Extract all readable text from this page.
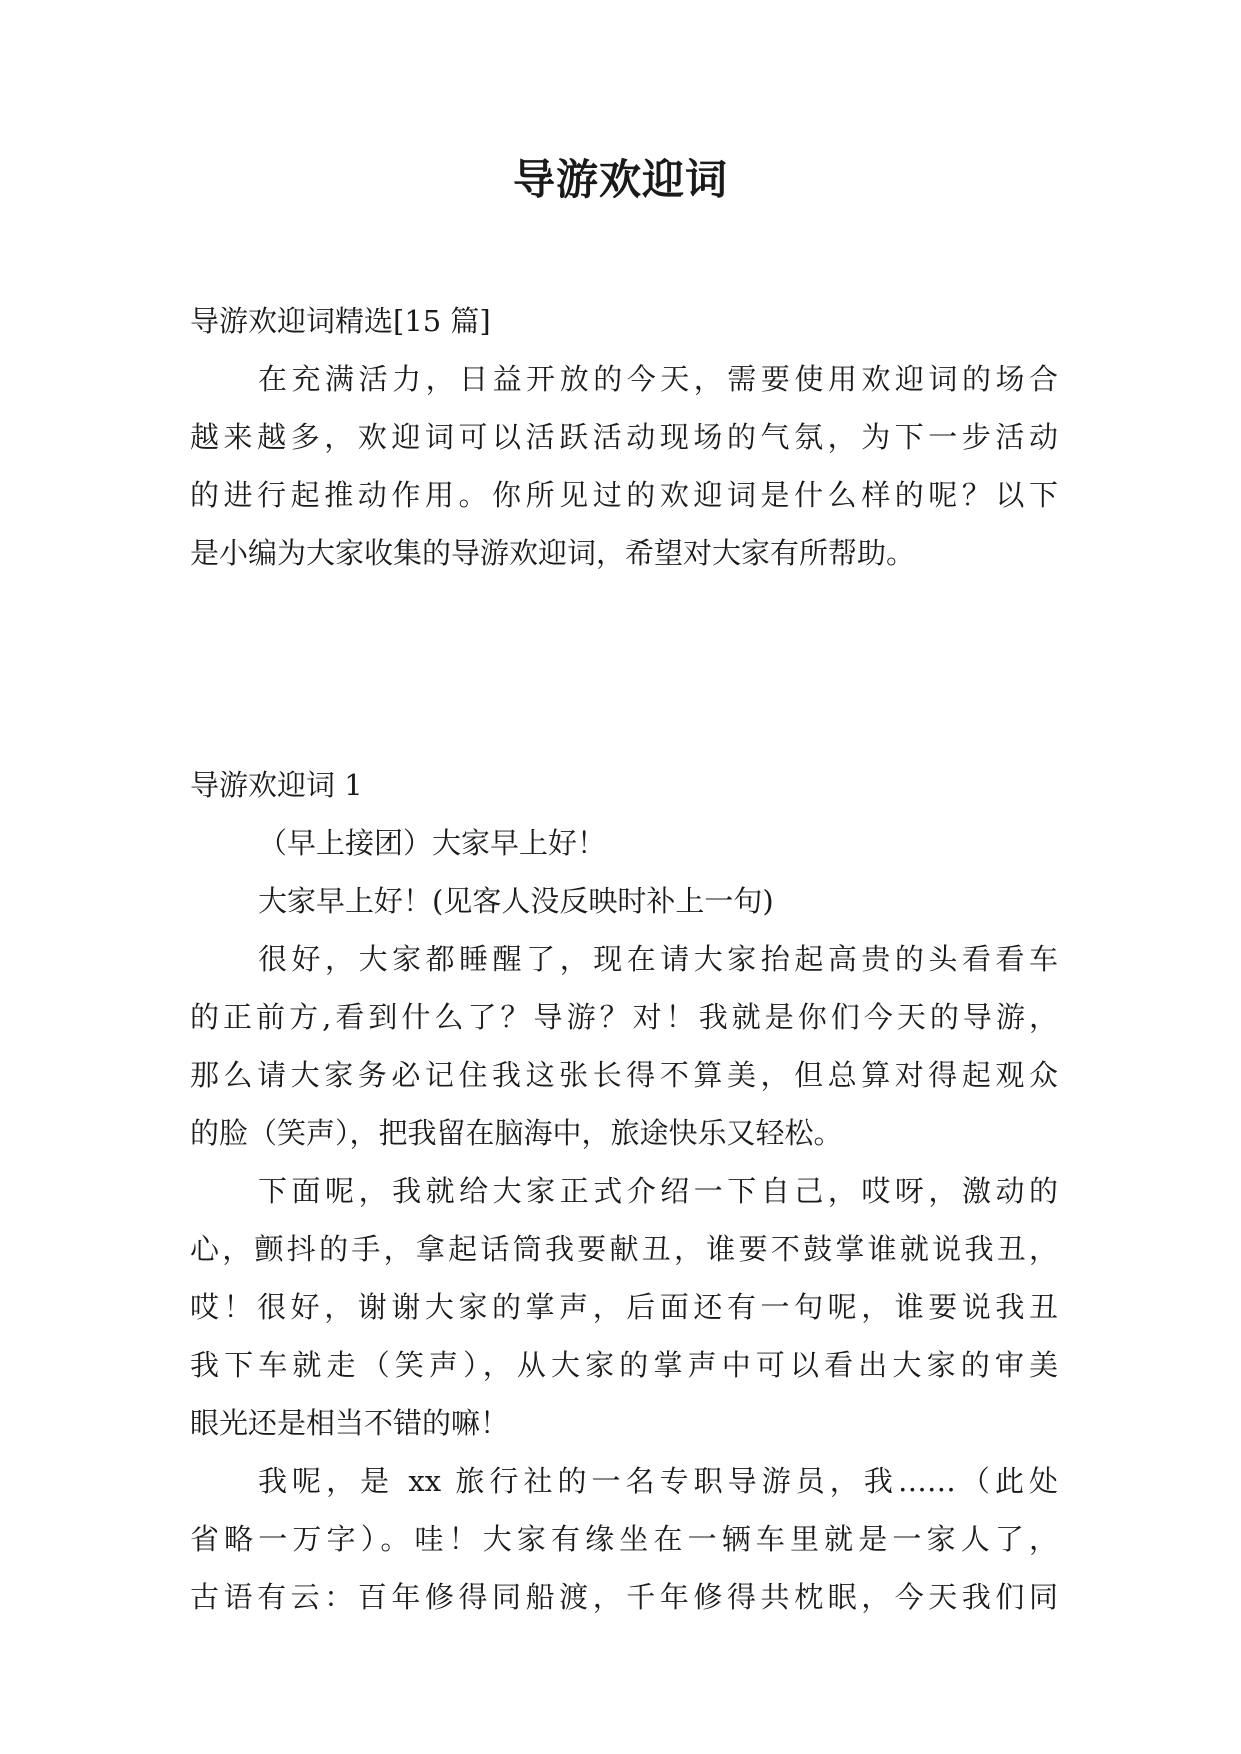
导游欢迎词
导游欢迎词精选[15 篇]
在充满活力，日益开放的今天，需要使用欢迎词的场合
越来越多，欢迎词可以活跃活动现场的气氛，为下一步活动
的进行起推动作用。你所见过的欢迎词是什么样的呢？以下
是小编为大家收集的导游欢迎词，希望对大家有所帮助。
导游欢迎词 1
（早上接团）大家早上好！
大家早上好！(见客人没反映时补上一句)
很好，大家都睡醒了，现在请大家抬起高贵的头看看车
的正前方,看到什么了？导游？对！我就是你们今天的导游，
那么请大家务必记住我这张长得不算美，但总算对得起观众
的脸（笑声），把我留在脑海中，旅途快乐又轻松。
下面呢，我就给大家正式介绍一下自己，哎呀，激动的
心，颤抖的手，拿起话筒我要献丑，谁要不鼓掌谁就说我丑，
哎！很好，谢谢大家的掌声，后面还有一句呢，谁要说我丑
我下车就走（笑声），从大家的掌声中可以看出大家的审美
眼光还是相当不错的嘛！
我呢，是 xx 旅行社的一名专职导游员，我……（此处
省略一万字）。哇！大家有缘坐在一辆车里就是一家人了，
古语有云：百年修得同船渡，千年修得共枕眠，今天我们同
